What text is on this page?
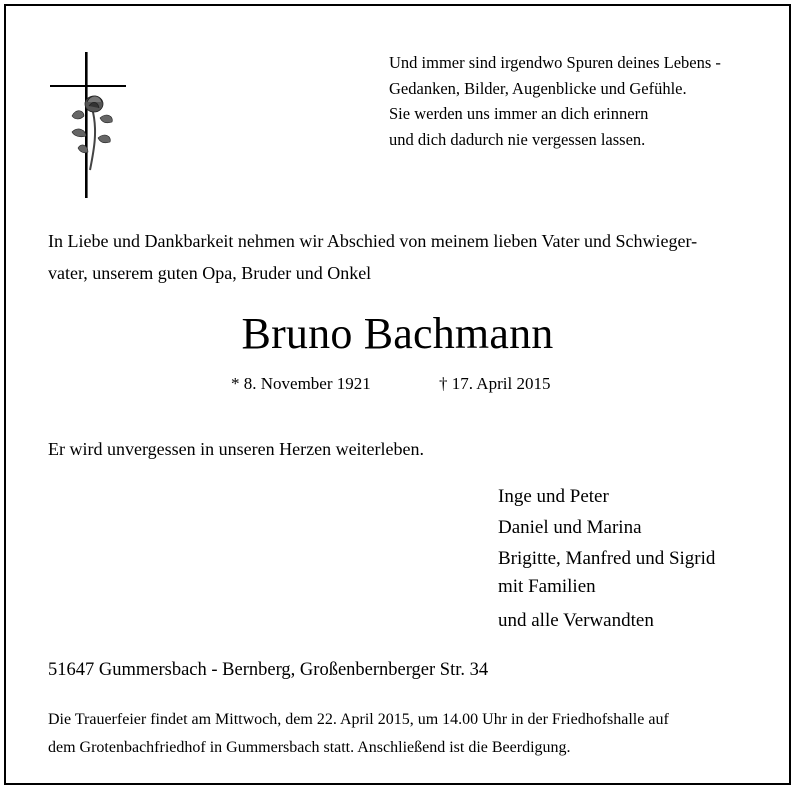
Und immer sind irgendwo Spuren deines Lebens -
Gedanken, Bilder, Augenblicke und Gefühle.
Sie werden uns immer an dich erinnern
und dich dadurch nie vergessen lassen.
In Liebe und Dankbarkeit nehmen wir Abschied von meinem lieben Vater und Schwieger-
vater, unserem guten Opa, Bruder und Onkel
Bruno Bachmann
* 8. November 1921	† 17. April 2015
Er wird unvergessen in unseren Herzen weiterleben.
Inge und Peter
Daniel und Marina
Brigitte, Manfred und Sigrid
mit Familien
und alle Verwandten
51647 Gummersbach - Bernberg, Großenbernberger Str. 34
Die Trauerfeier findet am Mittwoch, dem 22. April 2015, um 14.00 Uhr in der Friedhofshalle auf
dem Grotenbachfriedhof in Gummersbach statt. Anschließend ist die Beerdigung.
